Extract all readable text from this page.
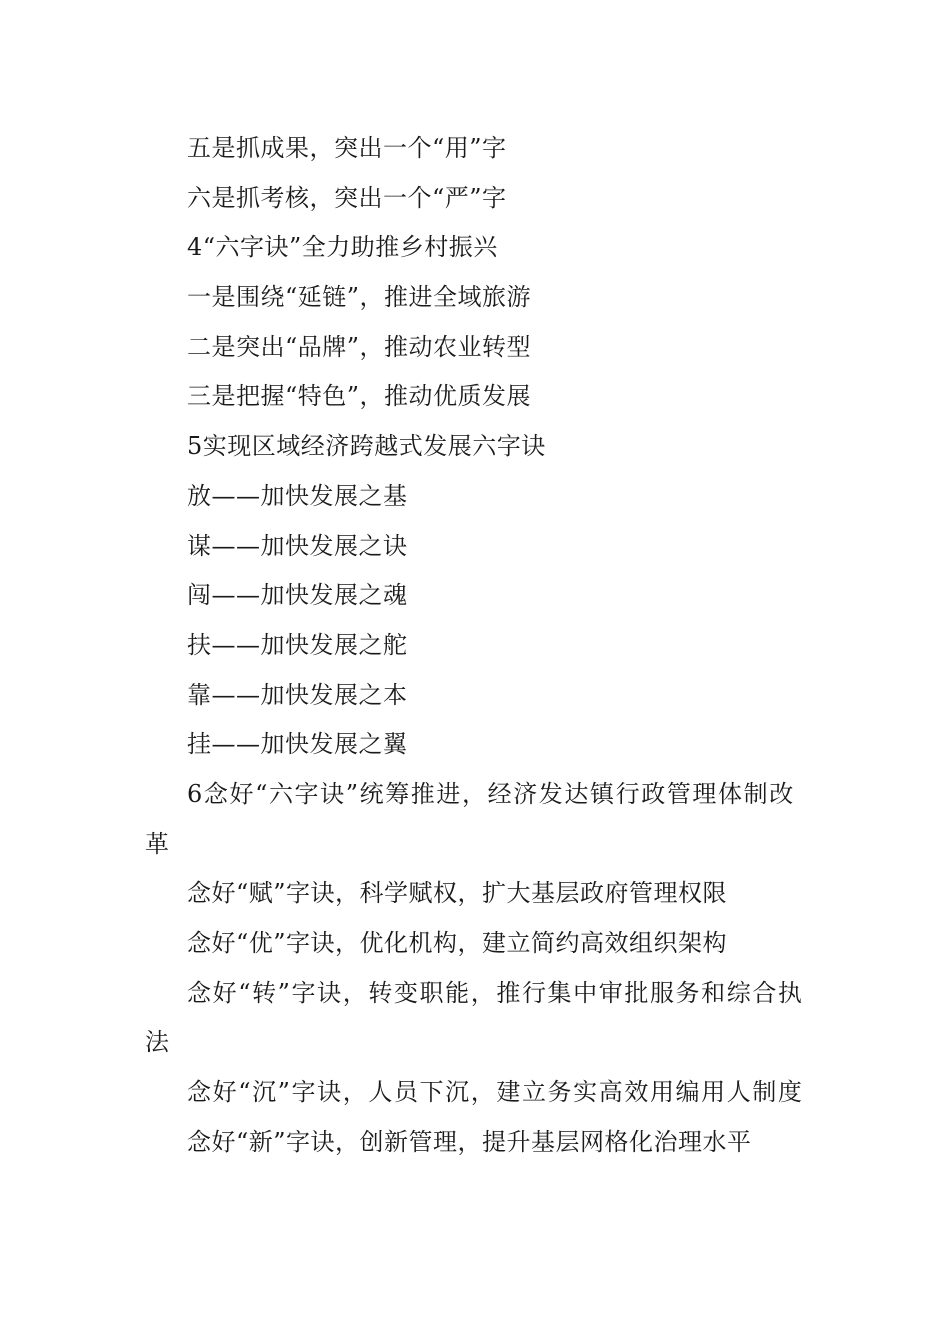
五是抓成果，突出一个“用”字
六是抓考核，突出一个“严”字
4“六字诀”全力助推乡村振兴
一是围绕“延链”，推进全域旅游
二是突出“品牌”，推动农业转型
三是把握“特色”，推动优质发展
5实现区域经济跨越式发展六字诀
放——加快发展之基
谋——加快发展之诀
闯——加快发展之魂
扶——加快发展之舵
靠——加快发展之本
挂——加快发展之翼
6念好“六字诀”统筹推进，经济发达镇行政管理体制改革
念好“赋”字诀，科学赋权，扩大基层政府管理权限
念好“优”字诀，优化机构，建立简约高效组织架构
念好“转”字诀，转变职能，推行集中审批服务和综合执法
念好“沉”字诀，人员下沉，建立务实高效用编用人制度
念好“新”字诀，创新管理，提升基层网格化治理水平
